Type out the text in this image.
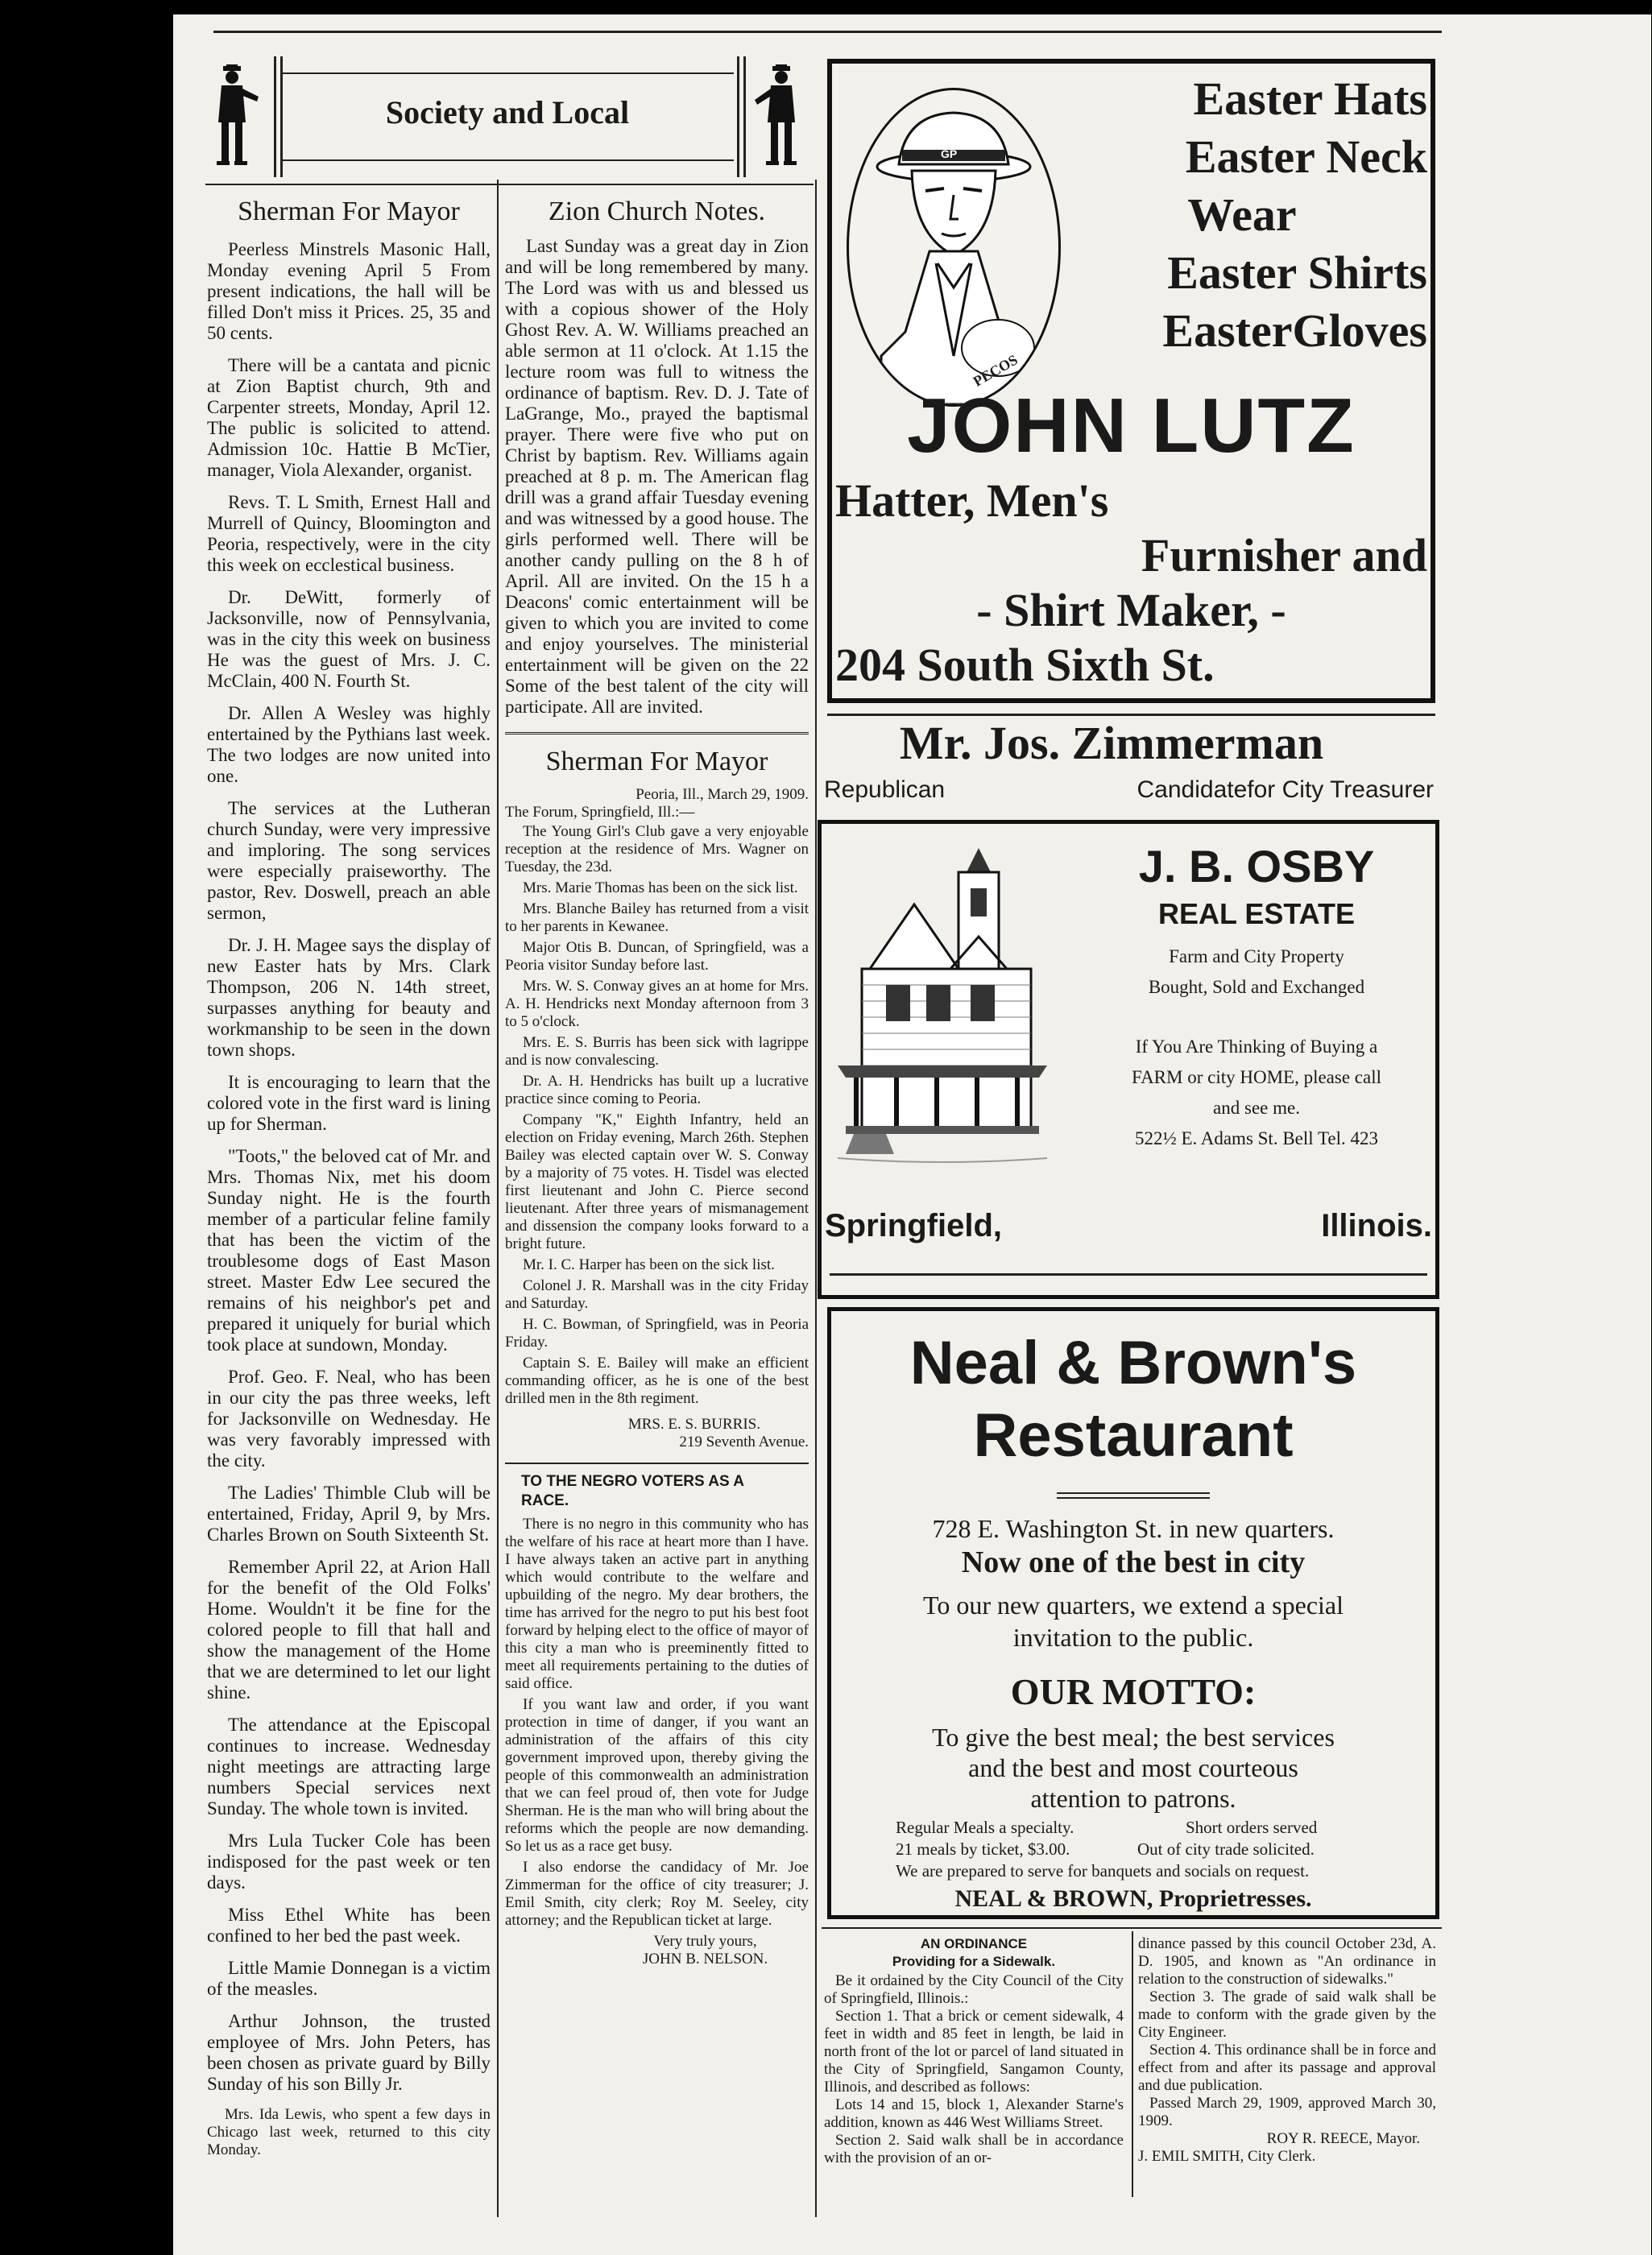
Society and Local
Sherman For Mayor

Peerless Minstrels Masonic Hall, Monday evening April 5 From present indications, the hall will be filled Don't miss it Prices. 25, 35 and 50 cents.

There will be a cantata and picnic at Zion Baptist church, 9th and Carpenter streets, Monday, April 12. The public is solicited to attend. Admission 10c. Hattie B McTier, manager, Viola Alexander, organist.

Revs. T. L Smith, Ernest Hall and Murrell of Quincy, Bloomington and Peoria, respectively, were in the city this week on ecclestical business.

Dr. DeWitt, formerly of Jacksonville, now of Pennsylvania, was in the city this week on business He was the guest of Mrs. J. C. McClain, 400 N. Fourth St.

Dr. Allen A Wesley was highly entertained by the Pythians last week. The two lodges are now united into one.

The services at the Lutheran church Sunday, were very impressive and imploring. The song services were especially praiseworthy. The pastor, Rev. Doswell, preach an able sermon,

Dr. J. H. Magee says the display of new Easter hats by Mrs. Clark Thompson, 206 N. 14th street, surpasses anything for beauty and workmanship to be seen in the down town shops.

It is encouraging to learn that the colored vote in the first ward is lining up for Sherman.

"Toots," the beloved cat of Mr. and Mrs. Thomas Nix, met his doom Sunday night. He is the fourth member of a particular feline family that has been the victim of the troublesome dogs of East Mason street. Master Edw Lee secured the remains of his neighbor's pet and prepared it uniquely for burial which took place at sundown, Monday.

Prof. Geo. F. Neal, who has been in our city the pas three weeks, left for Jacksonville on Wednesday. He was very favorably impressed with the city.

The Ladies' Thimble Club will be entertained, Friday, April 9, by Mrs. Charles Brown on South Sixteenth St.

Remember April 22, at Arion Hall for the benefit of the Old Folks' Home. Wouldn't it be fine for the colored people to fill that hall and show the management of the Home that we are determined to let our light shine.

The attendance at the Episcopal continues to increase. Wednesday night meetings are attracting large numbers Special services next Sunday. The whole town is invited.

Mrs Lula Tucker Cole has been indisposed for the past week or ten days.

Miss Ethel White has been confined to her bed the past week.

Little Mamie Donnegan is a victim of the measles.

Arthur Johnson, the trusted employee of Mrs. John Peters, has been chosen as private guard by Billy Sunday of his son Billy Jr.

Mrs. Ida Lewis, who spent a few days in Chicago last week, returned to this city Monday.

Zion Church Notes.

Last Sunday was a great day in Zion and will be long remembered by many. The Lord was with us and blessed us with a copious shower of the Holy Ghost Rev. A. W. Williams preached an able sermon at 11 o'clock. At 1.15 the lecture room was full to witness the ordinance of baptism. Rev. D. J. Tate of LaGrange, Mo., prayed the baptismal prayer. There were five who put on Christ by baptism. Rev. Williams again preached at 8 p. m. The American flag drill was a grand affair Tuesday evening and was witnessed by a good house. The girls performed well. There will be another candy pulling on the 8 h of April. All are invited. On the 15 h a Deacons' comic entertainment will be given to which you are invited to come and enjoy yourselves. The ministerial entertainment will be given on the 22 Some of the best talent of the city will participate. All are invited.

Sherman For Mayor
Peoria, Ill., March 29, 1909.
The Forum, Springfield, Ill.:—

The Young Girl's Club gave a very enjoyable reception at the residence of Mrs. Wagner on Tuesday, the 23d.

Mrs. Marie Thomas has been on the sick list.

Mrs. Blanche Bailey has returned from a visit to her parents in Kewanee.

Major Otis B. Duncan, of Springfield, was a Peoria visitor Sunday before last.

Mrs. W. S. Conway gives an at home for Mrs. A. H. Hendricks next Monday afternoon from 3 to 5 o'clock.

Mrs. E. S. Burris has been sick with lagrippe and is now convalescing.

Dr. A. H. Hendricks has built up a lucrative practice since coming to Peoria.

Company "K," Eighth Infantry, held an election on Friday evening, March 26th. Stephen Bailey was elected captain over W. S. Conway by a majority of 75 votes. H. Tisdel was elected first lieutenant and John C. Pierce second lieutenant. After three years of mismanagement and dissension the company looks forward to a bright future.

Mr. I. C. Harper has been on the sick list.

Colonel J. R. Marshall was in the city Friday and Saturday.

H. C. Bowman, of Springfield, was in Peoria Friday.

Captain S. E. Bailey will make an efficient commanding officer, as he is one of the best drilled men in the 8th regiment.

MRS. E. S. BURRIS.
219 Seventh Avenue.
TO THE NEGRO VOTERS AS A RACE.

There is no negro in this community who has the welfare of his race at heart more than I have. I have always taken an active part in anything which would contribute to the welfare and upbuilding of the negro. My dear brothers, the time has arrived for the negro to put his best foot forward by helping elect to the office of mayor of this city a man who is preeminently fitted to meet all requirements pertaining to the duties of said office.

If you want law and order, if you want protection in time of danger, if you want an administration of the affairs of this city government improved upon, thereby giving the people of this commonwealth an administration that we can feel proud of, then vote for Judge Sherman. He is the man who will bring about the reforms which the people are now demanding. So let us as a race get busy.

I also endorse the candidacy of Mr. Joe Zimmerman for the office of city treasurer; J. Emil Smith, city clerk; Roy M. Seeley, city attorney; and the Republican ticket at large.

Very truly yours,
JOHN B. NELSON.
GP
PECOS
Easter Hats
Easter Neck
Wear
Easter Shirts
EasterGloves
JOHN LUTZ
Hatter, Men's
Furnisher and
- Shirt Maker, -
204 South Sixth St.
Mr. Jos. Zimmerman
Republican	Candidatefor City Treasurer
J. B. OSBY
REAL ESTATE
Farm and City Property
Bought, Sold and Exchanged
If You Are Thinking of Buying a
FARM or city HOME, please call
and see me.
522½ E. Adams St. Bell Tel. 423
Springfield,	Illinois.
Neal & Brown's
Restaurant
728 E. Washington St. in new quarters.
Now one of the best in city
To our new quarters, we extend a special
invitation to the public.
OUR MOTTO:
To give the best meal; the best services
and the best and most courteous
attention to patrons.
Regular Meals a specialty.	Short orders served
21 meals by ticket, $3.00.	Out of city trade solicited.
We are prepared to serve for banquets and socials on request.
NEAL & BROWN, Proprietresses.
AN ORDINANCE
Providing for a Sidewalk.
Be it ordained by the City Council of the City of Springfield, Illinois.:
Section 1. That a brick or cement sidewalk, 4 feet in width and 85 feet in length, be laid in north front of the lot or parcel of land situated in the City of Springfield, Sangamon County, Illinois, and described as follows:
Lots 14 and 15, block 1, Alexander Starne's addition, known as 446 West Williams Street.
Section 2. Said walk shall be in accordance with the provision of an or-
dinance passed by this council October 23d, A. D. 1905, and known as "An ordinance in relation to the construction of sidewalks."
Section 3. The grade of said walk shall be made to conform with the grade given by the City Engineer.
Section 4. This ordinance shall be in force and effect from and after its passage and approval and due publication.
Passed March 29, 1909, approved March 30, 1909.
ROY R. REECE, Mayor.
J. EMIL SMITH, City Clerk.
